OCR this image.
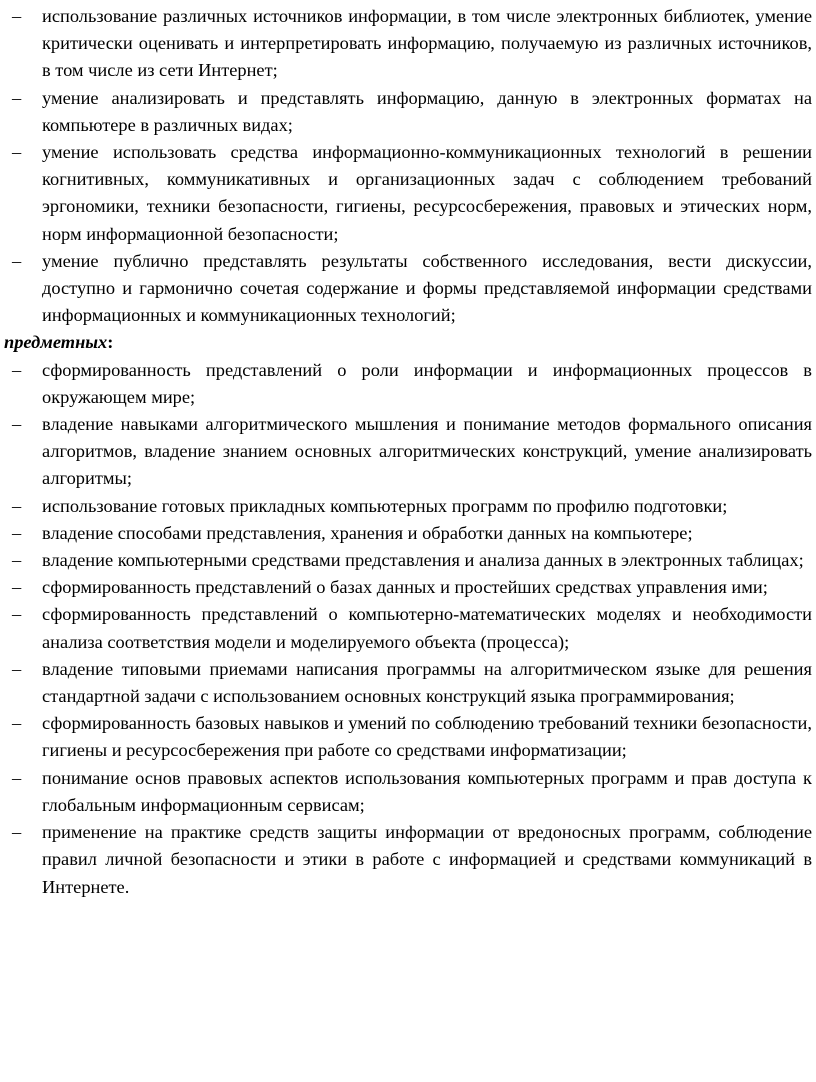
–	использование различных источников информации, в том числе электронных библиотек, умение критически оценивать и интерпретировать информацию, получаемую из различных источников, в том числе из сети Интернет;
–	умение анализировать и представлять информацию, данную в электронных форматах на компьютере в различных видах;
–	умение использовать средства информационно-коммуникационных технологий в решении когнитивных, коммуникативных и организационных задач с соблюдением требований эргономики, техники безопасности, гигиены, ресурсосбережения, правовых и этических норм, норм информационной безопасности;
–	умение публично представлять результаты собственного исследования, вести дискуссии, доступно и гармонично сочетая содержание и формы представляемой информации средствами информационных и коммуникационных технологий;

предметных:

–	сформированность представлений о роли информации и информационных процессов в окружающем мире;
–	владение навыками алгоритмического мышления и понимание методов формального описания алгоритмов, владение знанием основных алгоритмических конструкций, умение анализировать алгоритмы;
–	использование готовых прикладных компьютерных программ по профилю подготовки;
–	владение способами представления, хранения и обработки данных на компьютере;
–	владение компьютерными средствами представления и анализа данных в электронных таблицах;
–	сформированность представлений о базах данных и простейших средствах управления ими;
–	сформированность представлений о компьютерно-математических моделях и необходимости анализа соответствия модели и моделируемого объекта (процесса);
–	владение типовыми приемами написания программы на алгоритмическом языке для решения стандартной задачи с использованием основных конструкций языка программирования;
–	сформированность базовых навыков и умений по соблюдению требований техники безопасности, гигиены и ресурсосбережения при работе со средствами информатизации;
–	понимание основ правовых аспектов использования компьютерных программ и прав доступа к глобальным информационным сервисам;
–	применение на практике средств защиты информации от вредоносных программ, соблюдение правил личной безопасности и этики в работе с информацией и средствами коммуникаций в Интернете.
